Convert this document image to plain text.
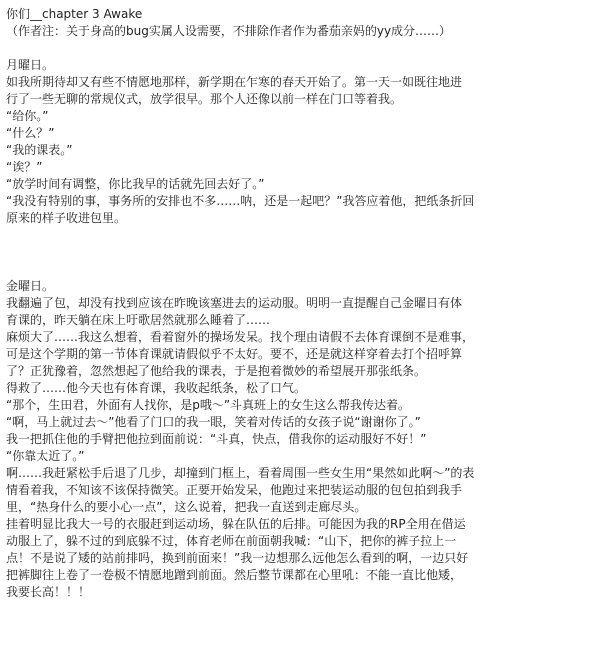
你们__chapter 3 Awake
（作者注：关于身高的bug实属人设需要，不排除作者作为番茄亲妈的yy成分……）

月曜日。

如我所期待却又有些不情愿地那样，新学期在乍寒的春天开始了。第一天一如既往地进

行了一些无聊的常规仪式，放学很早。那个人还像以前一样在门口等着我。

“给你。”

“什么？”

“我的课表。”

“诶？”

“放学时间有调整，你比我早的话就先回去好了。”

“我没有特别的事，事务所的安排也不多……呐，还是一起吧？”我答应着他，把纸条折回

原来的样子收进包里。

金曜日。

我翻遍了包，却没有找到应该在昨晚该塞进去的运动服。明明一直提醒自己金曜日有体

育课的，昨天躺在床上吁歌居然就那么睡着了……

麻烦大了……我这么想着，看着窗外的操场发呆。找个理由请假不去体育课倒不是难事，

可是这个学期的第一节体育课就请假似乎不太好。要不，还是就这样穿着去打个招呼算

了？正犹豫着，忽然想起了他给我的课表，于是抱着微妙的希望展开那张纸条。

得救了……他今天也有体育课，我收起纸条，松了口气。

“那个，生田君，外面有人找你，是p哦～”斗真班上的女生这么帮我传达着。

“啊，马上就过去～”他看了门口的我一眼，笑着对传话的女孩子说“谢谢你了。”

我一把抓住他的手臂把他拉到面前说：“斗真，快点，借我你的运动服好不好！”

“你靠太近了。”

啊……我赶紧松手后退了几步，却撞到门框上，看着周围一些女生用“果然如此啊～”的表

情看着我，不知该不该保持微笑。正要开始发呆，他跑过来把装运动服的包包拍到我手

里，“热身什么的要小心一点”，这么说着，把我一直送到走廊尽头。

挂着明显比我大一号的衣服赶到运动场，躲在队伍的后排。可能因为我的RP全用在借运

动服上了，躲不过的到底躲不过，体育老师在前面朝我喊：“山下，把你的裤子拉上一

点！不是说了矮的站前排吗，换到前面来！”我一边想那么远他怎么看到的啊，一边只好

把裤脚往上卷了一卷极不情愿地蹭到前面。然后整节课都在心里吼：不能一直比他矮，

我要长高！！！
